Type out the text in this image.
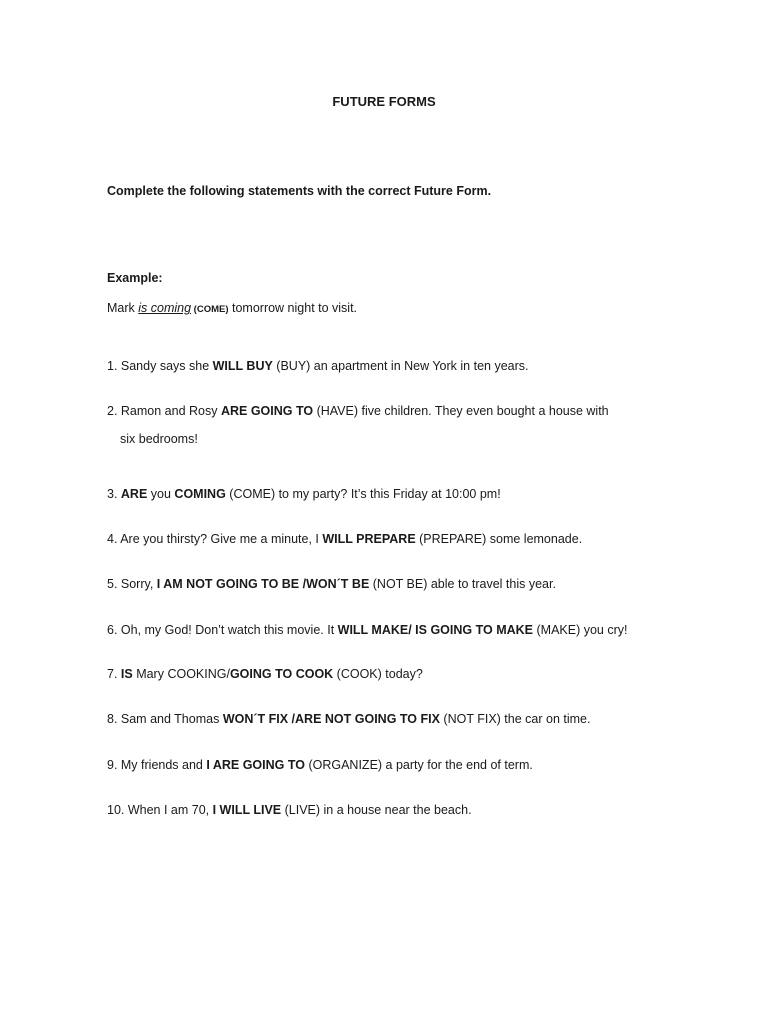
FUTURE FORMS
Complete the following statements with the correct Future Form.
Example:
Mark is coming (COME) tomorrow night to visit.
1. Sandy says she WILL BUY (BUY) an apartment in New York in ten years.
2. Ramon and Rosy ARE GOING TO (HAVE) five children. They even bought a house with
six bedrooms!
3. ARE you COMING (COME) to my party? It’s this Friday at 10:00 pm!
4. Are you thirsty? Give me a minute, I WILL PREPARE (PREPARE) some lemonade.
5. Sorry, I AM NOT GOING TO BE /WON´T BE (NOT BE) able to travel this year.
6. Oh, my God! Don’t watch this movie. It WILL MAKE/ IS GOING TO MAKE (MAKE) you cry!
7. IS Mary COOKING/GOING TO COOK (COOK) today?
8. Sam and Thomas WON´T FIX /ARE NOT GOING TO FIX (NOT FIX) the car on time.
9. My friends and I ARE GOING TO (ORGANIZE) a party for the end of term.
10. When I am 70, I WILL LIVE (LIVE) in a house near the beach.
